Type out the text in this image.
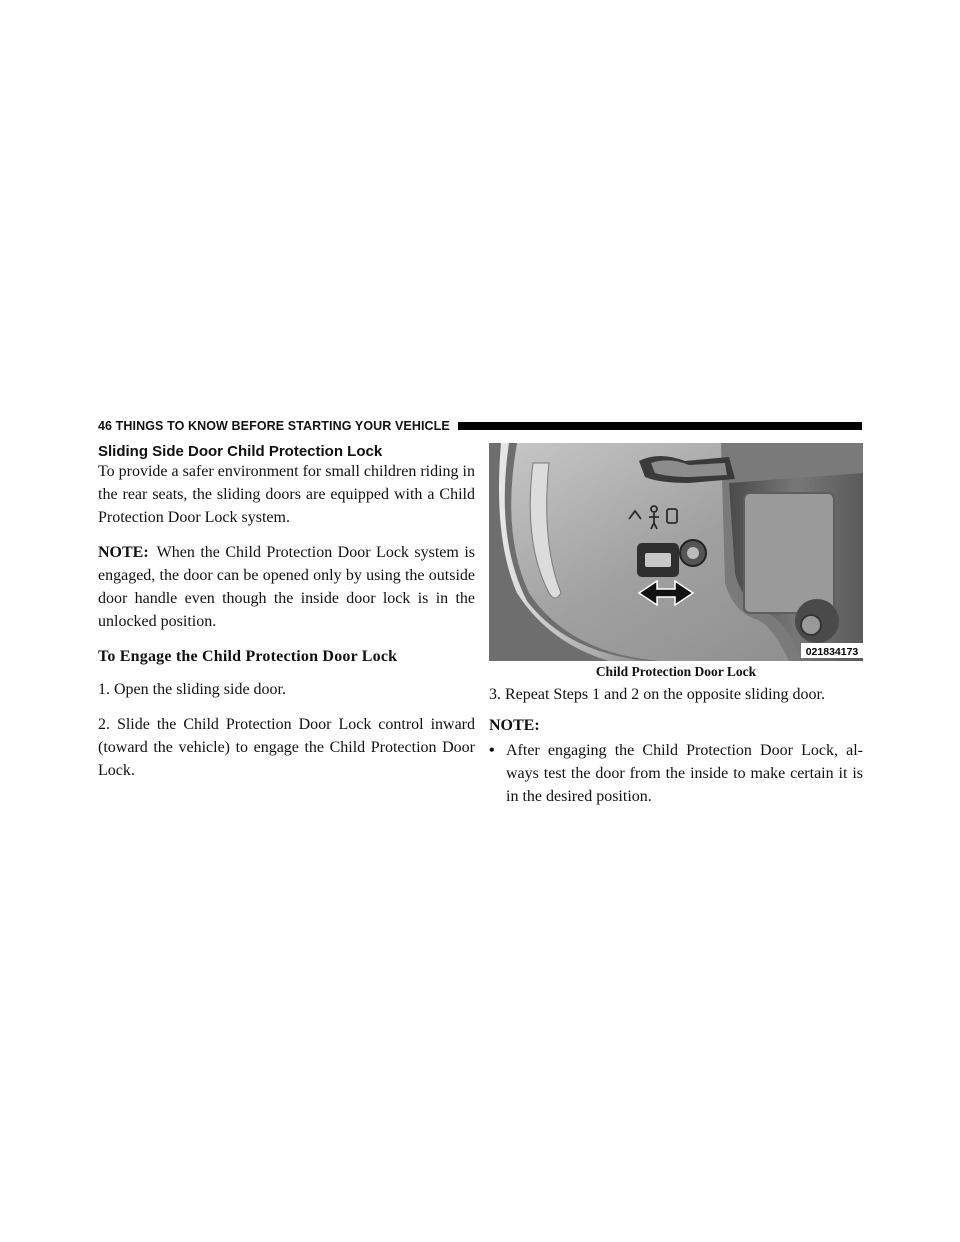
46 THINGS TO KNOW BEFORE STARTING YOUR VEHICLE
Sliding Side Door Child Protection Lock

To provide a safer environment for small children riding in the rear seats, the sliding doors are equipped with a Child Protection Door Lock system.

NOTE: When the Child Protection Door Lock system is engaged, the door can be opened only by using the outside door handle even though the inside door lock is in the unlocked position.

To Engage the Child Protection Door Lock

1. Open the sliding side door.

2. Slide the Child Protection Door Lock control inward (toward the vehicle) to engage the Child Protection Door Lock.

021834173
Child Protection Door Lock

3. Repeat Steps 1 and 2 on the opposite sliding door.

NOTE:

• After engaging the Child Protection Door Lock, al- ways test the door from the inside to make certain it is in the desired position.
